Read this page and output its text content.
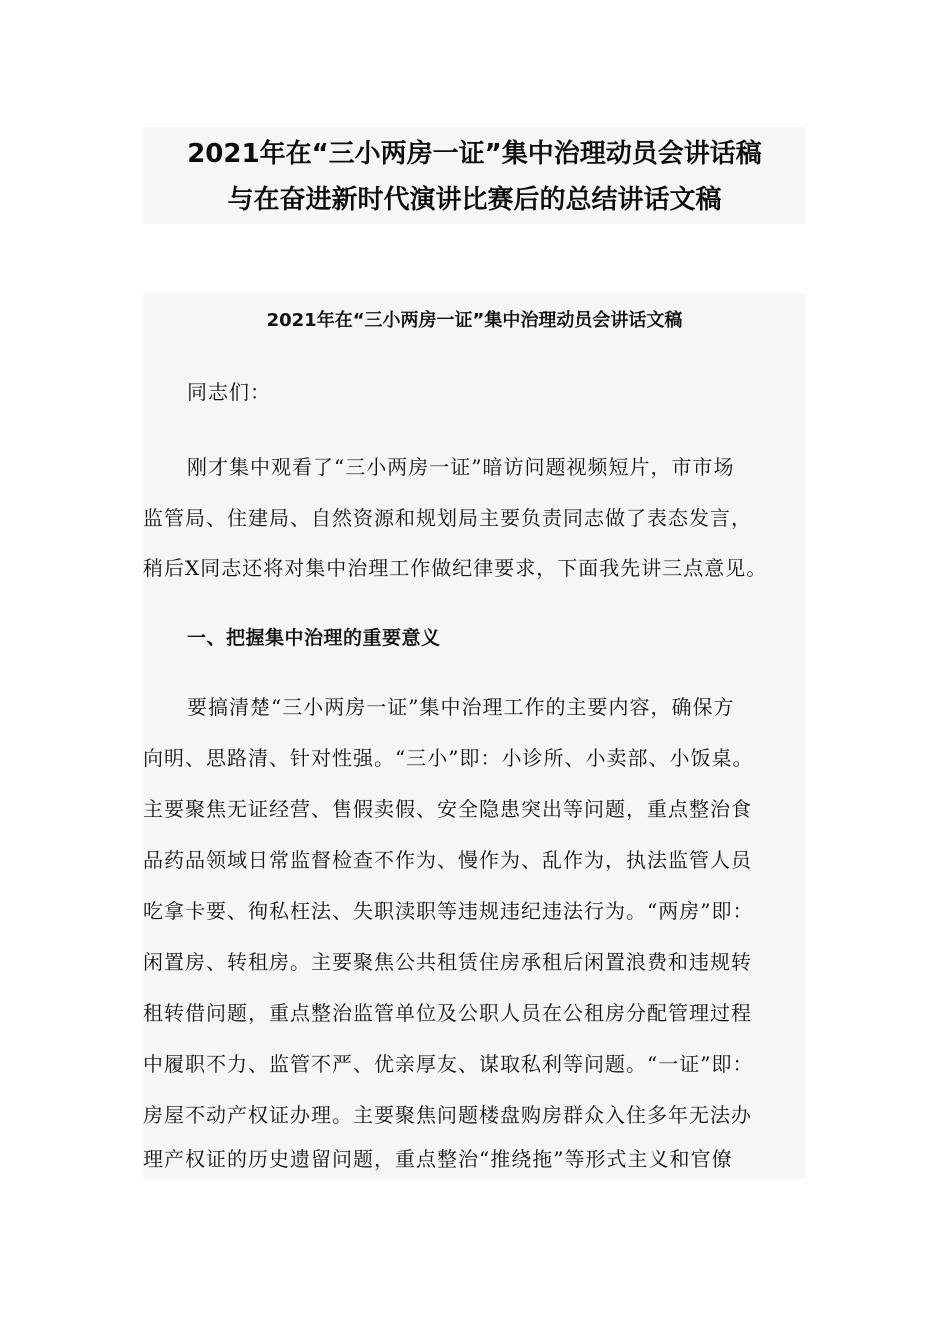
2021年在“三小两房一证”集中治理动员会讲话稿
与在奋进新时代演讲比赛后的总结讲话文稿
2021年在“三小两房一证”集中治理动员会讲话文稿
同志们：
刚才集中观看了“三小两房一证”暗访问题视频短片，市市场
监管局、住建局、自然资源和规划局主要负责同志做了表态发言，
稍后X同志还将对集中治理工作做纪律要求，下面我先讲三点意见。
一、把握集中治理的重要意义
要搞清楚“三小两房一证”集中治理工作的主要内容，确保方
向明、思路清、针对性强。“三小”即：小诊所、小卖部、小饭桌。
主要聚焦无证经营、售假卖假、安全隐患突出等问题，重点整治食
品药品领域日常监督检查不作为、慢作为、乱作为，执法监管人员
吃拿卡要、徇私枉法、失职渎职等违规违纪违法行为。“两房”即：
闲置房、转租房。主要聚焦公共租赁住房承租后闲置浪费和违规转
租转借问题，重点整治监管单位及公职人员在公租房分配管理过程
中履职不力、监管不严、优亲厚友、谋取私利等问题。“一证”即：
房屋不动产权证办理。主要聚焦问题楼盘购房群众入住多年无法办
理产权证的历史遗留问题，重点整治“推绕拖”等形式主义和官僚
